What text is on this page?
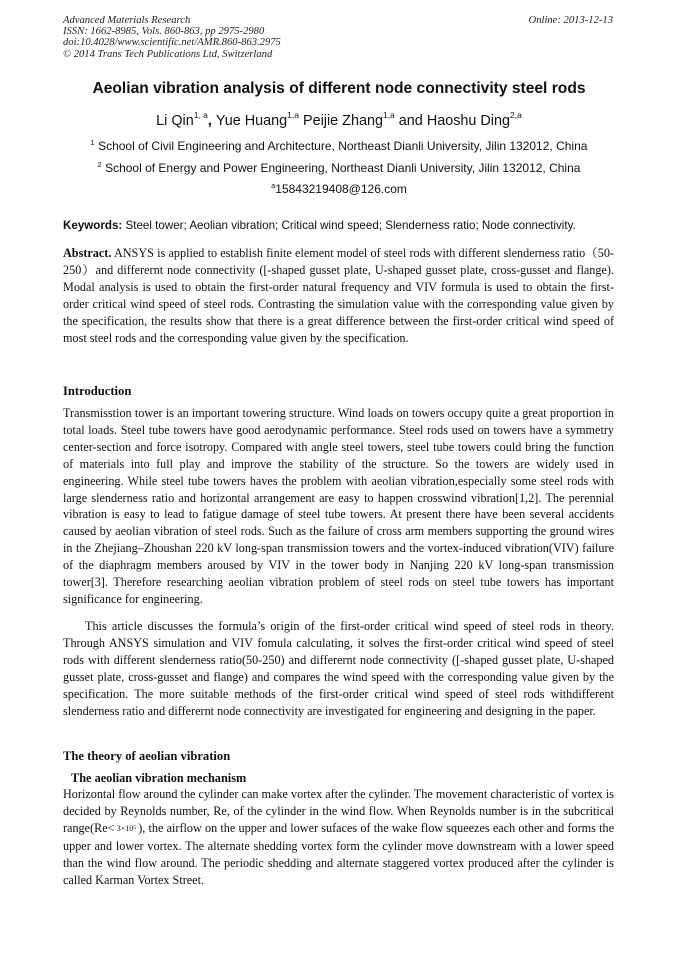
Advanced Materials Research
ISSN: 1662-8985, Vols. 860-863, pp 2975-2980
doi:10.4028/www.scientific.net/AMR.860-863.2975
© 2014 Trans Tech Publications Ltd, Switzerland
Online: 2013-12-13
Aeolian vibration analysis of different node connectivity steel rods
Li Qin$^{1, a}$, Yue Huang$^{1,a}$ Peijie Zhang$^{1,a}$ and Haoshu Ding$^{2,a}$
$^1$ School of Civil Engineering and Architecture, Northeast Dianli University, Jilin 132012, China
$^2$ School of Energy and Power Engineering, Northeast Dianli University, Jilin 132012, China
$^a$15843219408@126.com
Keywords: Steel tower; Aeolian vibration; Critical wind speed; Slenderness ratio; Node connectivity.
Abstract. ANSYS is applied to establish finite element model of steel rods with different slenderness ratio（50-250）and differernt node connectivity ([-shaped gusset plate, U-shaped gusset plate, cross-gusset and flange). Modal analysis is used to obtain the first-order natural frequency and VIV formula is used to obtain the first-order critical wind speed of steel rods. Contrasting the simulation value with the corresponding value given by the specification, the results show that there is a great difference between the first-order critical wind speed of most steel rods and the corresponding value given by the specification.
Introduction
Transmisstion tower is an important towering structure. Wind loads on towers occupy quite a great proportion in total loads. Steel tube towers have good aerodynamic performance. Steel rods used on towers have a symmetry center-section and force isotropy. Compared with angle steel towers, steel tube towers could bring the function of materials into full play and improve the stability of the structure. So the towers are widely used in engineering. While steel tube towers haves the problem with aeolian vibration,especially some steel rods with large slenderness ratio and horizontal arrangement are easy to happen crosswind vibration[1,2]. The perennial vibration is easy to lead to fatigue damage of steel tube towers. At present there have been several accidents caused by aeolian vibration of steel rods. Such as the failure of cross arm members supporting the ground wires in the Zhejiang–Zhoushan 220 kV long-span transmission towers and the vortex-induced vibration(VIV) failure of the diaphragm members aroused by VIV in the tower body in Nanjing 220 kV long-span transmission tower[3]. Therefore researching aeolian vibration problem of steel rods on steel tube towers has important significance for engineering.
This article discusses the formula’s origin of the first-order critical wind speed of steel rods in theory. Through ANSYS simulation and VIV fomula calculating, it solves the first-order critical wind speed of steel rods with different slenderness ratio(50-250) and differernt node connectivity ([-shaped gusset plate, U-shaped gusset plate, cross-gusset and flange) and compares the wind speed with the corresponding value given by the specification. The more suitable methods of the first-order critical wind speed of steel rods withdifferent slenderness ratio and differernt node connectivity are investigated for engineering and designing in the paper.
The theory of aeolian vibration
The aeolian vibration mechanism
Horizontal flow around the cylinder can make vortex after the cylinder. The movement characteristic of vortex is decided by Reynolds number, Re, of the cylinder in the wind flow. When Reynolds number is in the subcritical range(Re< 3×10⁵ ), the airflow on the upper and lower sufaces of the wake flow squeezes each other and forms the upper and lower vortex. The alternate shedding vortex form the cylinder move downstream with a lower speed than the wind flow around. The periodic shedding and alternate staggered vortex produced after the cylinder is called Karman Vortex Street.
